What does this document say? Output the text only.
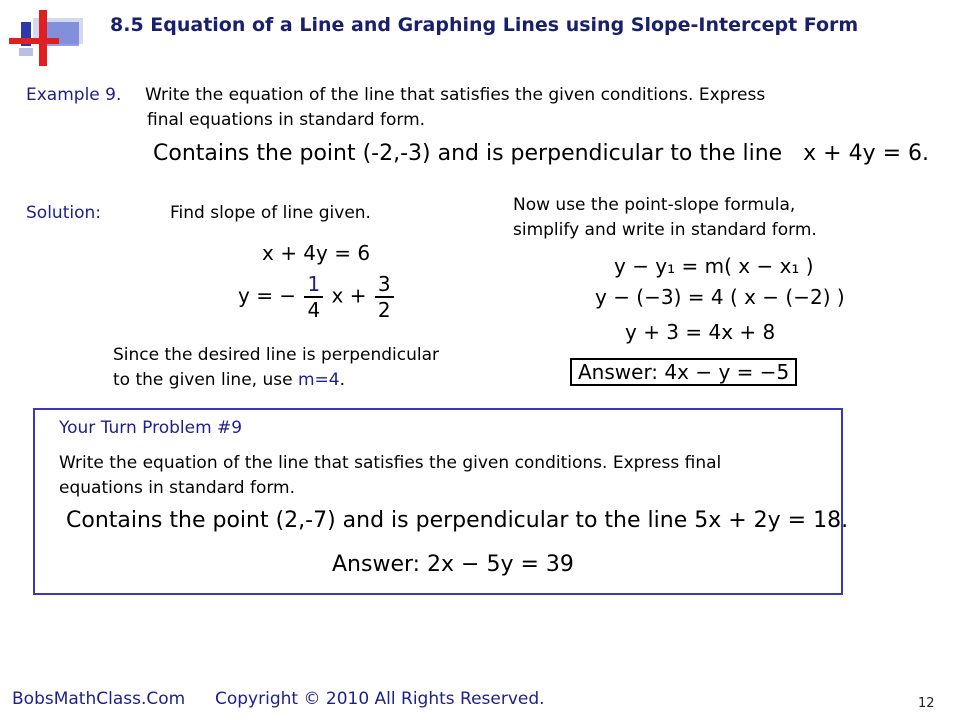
8.5 Equation of a Line and Graphing Lines using Slope-Intercept Form
Example 9. Write the equation of the line that satisfies the given conditions. Express
final equations in standard form.
Contains the point (-2,-3) and is perpendicular to the line x + 4y = 6.
Solution:	Find slope of line given.
x + 4y = 6
y = − $\frac{1}{4}$ $x + \frac{3}{2}$
Since the desired line is perpendicular
to the given line, use m=4.
Now use the point-slope formula,
simplify and write in standard form.
y − y₁ = m( x − x₁ )
y − (−3) = 4 ( x − (−2) )
y + 3 = 4x + 8
Answer: 4x − y = −5
Your Turn Problem #9
Write the equation of the line that satisfies the given conditions. Express final
equations in standard form.
Contains the point (2,-7) and is perpendicular to the line 5x + 2y = 18.
Answer: 2x − 5y = 39
BobsMathClass.Com Copyright © 2010 All Rights Reserved.	12
